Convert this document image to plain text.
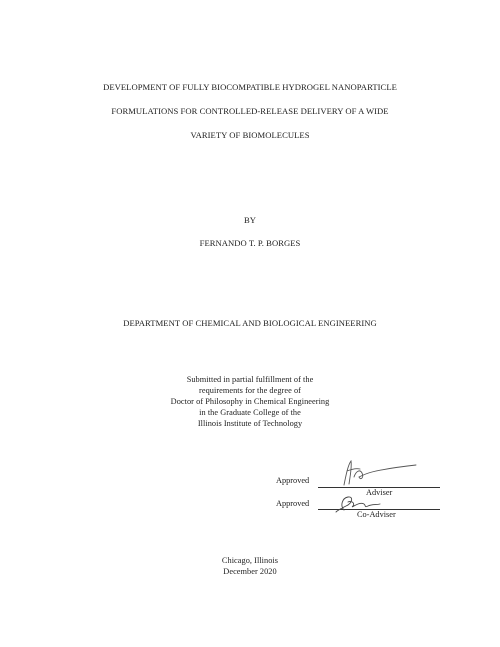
DEVELOPMENT OF FULLY BIOCOMPATIBLE HYDROGEL NANOPARTICLE
FORMULATIONS FOR CONTROLLED-RELEASE DELIVERY OF A WIDE
VARIETY OF BIOMOLECULES
BY
FERNANDO T. P. BORGES
DEPARTMENT OF CHEMICAL AND BIOLOGICAL ENGINEERING
Submitted in partial fulfillment of the
requirements for the degree of
Doctor of Philosophy in Chemical Engineering
in the Graduate College of the
Illinois Institute of Technology
Approved
Adviser
Approved
Co-Adviser
Chicago, Illinois
December 2020
